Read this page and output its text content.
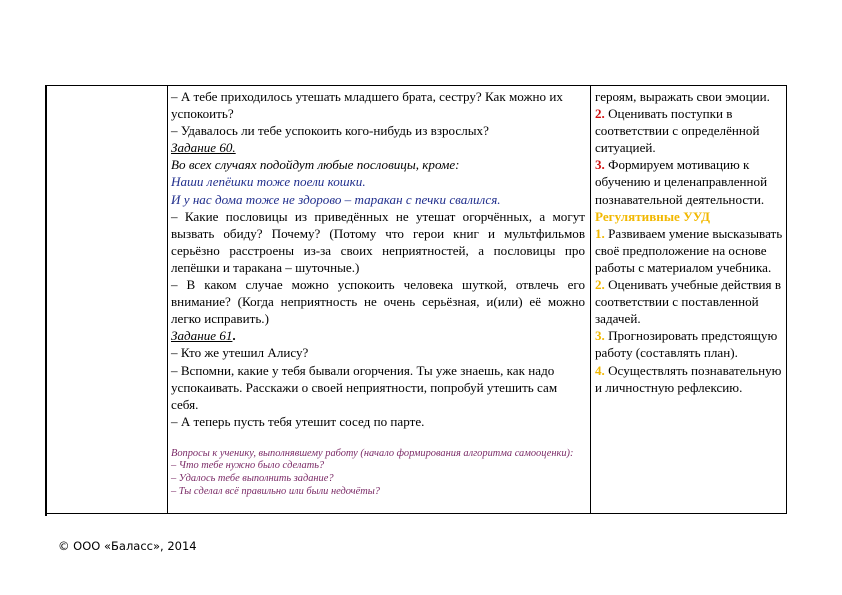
– А тебе приходилось утешать младшего брата, сестру? Как можно их успокоить?

– Удавалось ли тебе успокоить кого-нибудь из взрослых?

Задание 60.

Во всех случаях подойдут любые пословицы, кроме:

Наши лепёшки тоже поели кошки.

И у нас дома тоже не здорово – таракан с печки свалился.

– Какие пословицы из приведённых не утешат огорчённых, а могут вызвать обиду? Почему? (Потому что герои книг и мультфильмов серьёзно расстроены из-за своих неприятностей, а пословицы про лепёшки и таракана – шуточные.)

– В каком случае можно успокоить человека шуткой, отвлечь его внимание? (Когда неприятность не очень серьёзная, и(или) её можно легко исправить.)

Задание 61.

– Кто же утешил Алису?

– Вспомни, какие у тебя бывали огорчения. Ты уже знаешь, как надо успокаивать. Расскажи о своей неприятности, попробуй утешить сам себя.

– А теперь пусть тебя утешит сосед по парте.

Вопросы к ученику, выполнявшему работу (начало формирования алгоритма самооценки):

– Что тебе нужно было сделать?

– Удалось тебе выполнить задание?

– Ты сделал всё правильно или были недочёты?

героям, выражать свои эмоции.

2. Оценивать поступки в соответствии с определённой ситуацией.

3. Формируем мотивацию к обучению и целенаправленной познавательной деятельности.

Регулятивные УУД

1. Развиваем умение высказывать своё предположение на основе работы с материалом учебника.

2. Оценивать учебные действия в соответствии с поставленной задачей.

3. Прогнозировать предстоящую работу (составлять план).

4. Осуществлять познавательную и личностную рефлексию.

© ООО «Баласс», 2014
